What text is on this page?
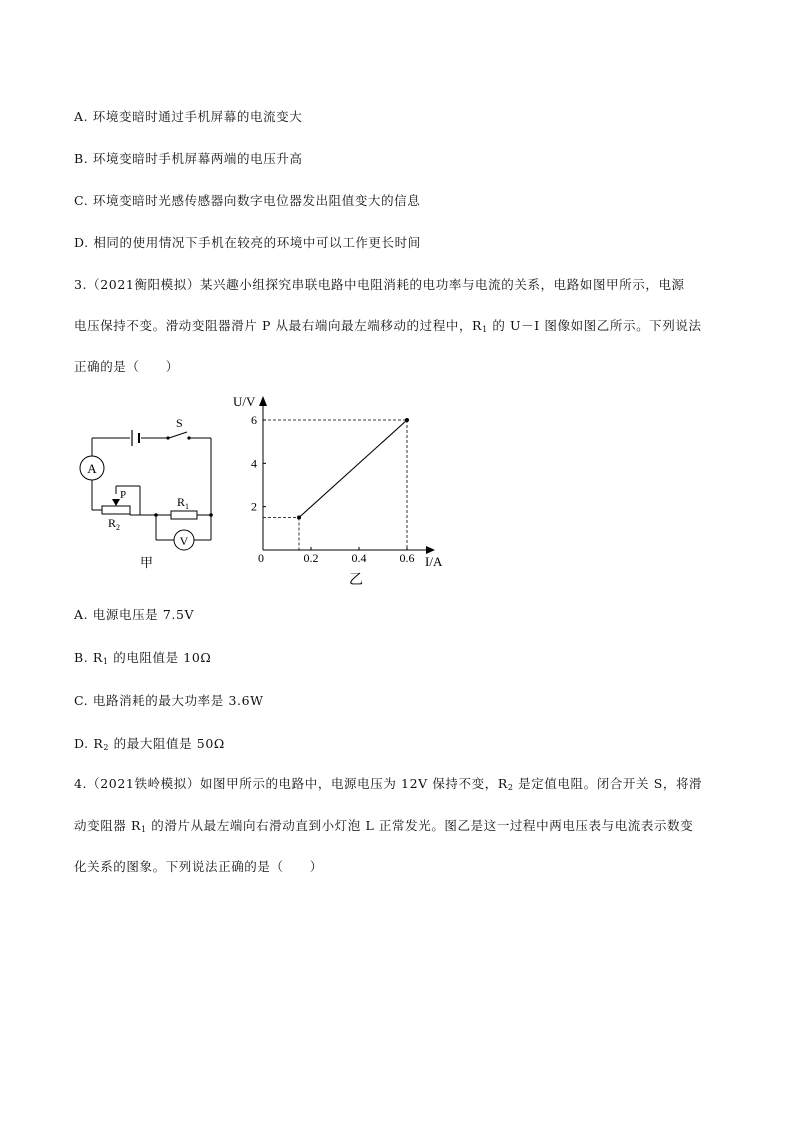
A. 环境变暗时通过手机屏幕的电流变大
B. 环境变暗时手机屏幕两端的电压升高
C. 环境变暗时光感传感器向数字电位器发出阻值变大的信息
D. 相同的使用情况下手机在较亮的环境中可以工作更长时间
3.（2021衡阳模拟）某兴趣小组探究串联电路中电阻消耗的电功率与电流的关系，电路如图甲所示，电源
电压保持不变。滑动变阻器滑片 P 从最右端向最左端移动的过程中，$R_1$ 的 U－I 图像如图乙所示。下列说法
正确的是（　　）
A
V
S
P	$R_1$
$R_2$
甲	0.2	0.4	0.6
2
4
6
U/V
I/A
0
乙
A. 电源电压是 7.5V
B. $R_1$ 的电阻值是 10Ω
C. 电路消耗的最大功率是 3.6W
D. $R_2$ 的最大阻值是 50Ω
4.（2021铁岭模拟）如图甲所示的电路中，电源电压为 12V 保持不变，$R_2$ 是定值电阻。闭合开关 S，将滑
动变阻器 $R_1$ 的滑片从最左端向右滑动直到小灯泡 L 正常发光。图乙是这一过程中两电压表与电流表示数变
化关系的图象。下列说法正确的是（　　）
